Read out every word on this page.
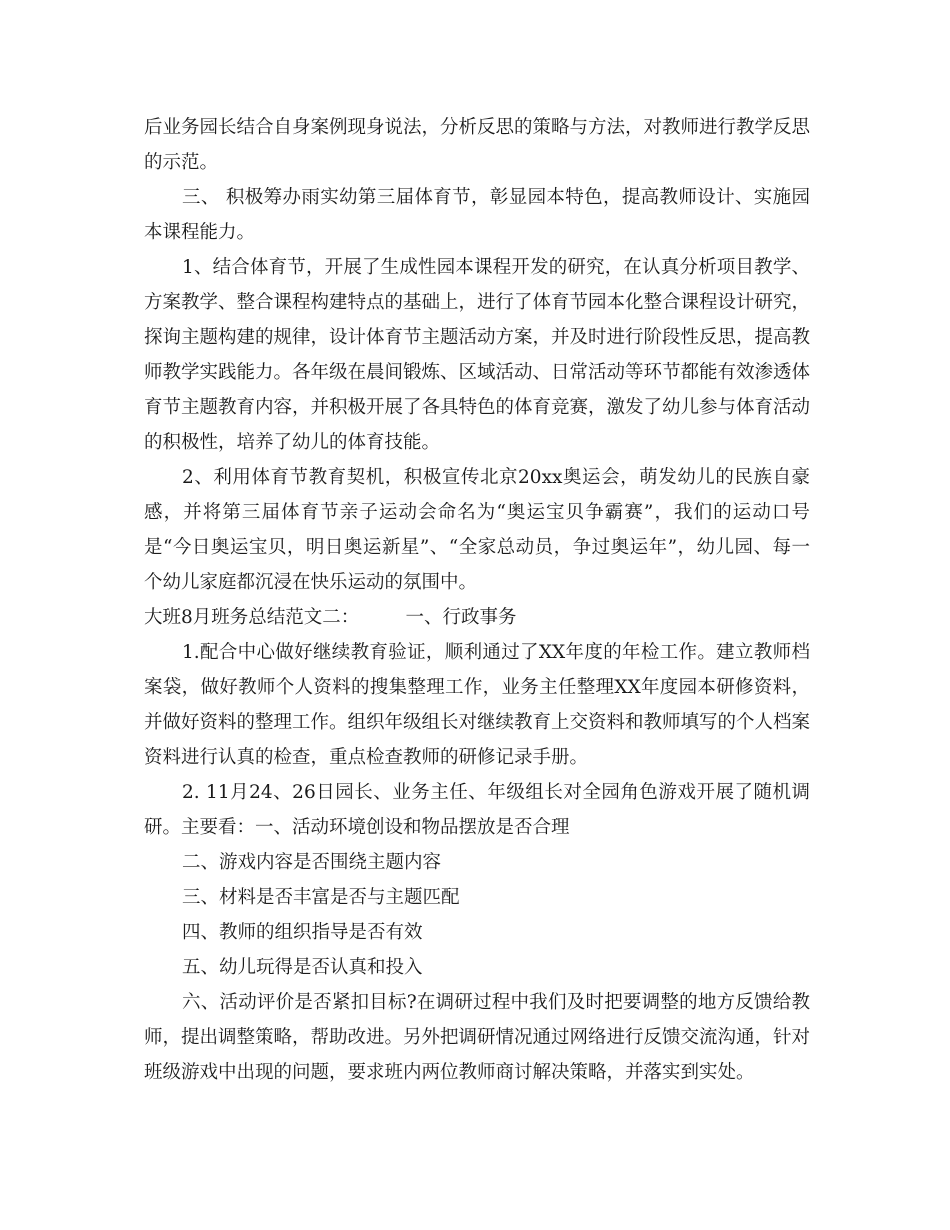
后业务园长结合自身案例现身说法，分析反思的策略与方法，对教师进行教学反思的示范。

三、 积极筹办雨实幼第三届体育节，彰显园本特色，提高教师设计、实施园本课程能力。

1、结合体育节，开展了生成性园本课程开发的研究，在认真分析项目教学、方案教学、整合课程构建特点的基础上，进行了体育节园本化整合课程设计研究，探询主题构建的规律，设计体育节主题活动方案，并及时进行阶段性反思，提高教师教学实践能力。各年级在晨间锻炼、区域活动、日常活动等环节都能有效渗透体育节主题教育内容，并积极开展了各具特色的体育竞赛，激发了幼儿参与体育活动的积极性，培养了幼儿的体育技能。

2、利用体育节教育契机，积极宣传北京20xx奥运会，萌发幼儿的民族自豪感，并将第三届体育节亲子运动会命名为“奥运宝贝争霸赛”，我们的运动口号是“今日奥运宝贝，明日奥运新星”、“全家总动员，争过奥运年”，幼儿园、每一个幼儿家庭都沉浸在快乐运动的氛围中。

大班8月班务总结范文二：　　　一、行政事务

1.配合中心做好继续教育验证，顺利通过了XX年度的年检工作。建立教师档案袋，做好教师个人资料的搜集整理工作，业务主任整理XX年度园本研修资料，并做好资料的整理工作。组织年级组长对继续教育上交资料和教师填写的个人档案资料进行认真的检查，重点检查教师的研修记录手册。

2. 11月24、26日园长、业务主任、年级组长对全园角色游戏开展了随机调研。主要看：一、活动环境创设和物品摆放是否合理

二、游戏内容是否围绕主题内容

三、材料是否丰富是否与主题匹配

四、教师的组织指导是否有效

五、幼儿玩得是否认真和投入

六、活动评价是否紧扣目标?在调研过程中我们及时把要调整的地方反馈给教师，提出调整策略，帮助改进。另外把调研情况通过网络进行反馈交流沟通，针对班级游戏中出现的问题，要求班内两位教师商讨解决策略，并落实到实处。
